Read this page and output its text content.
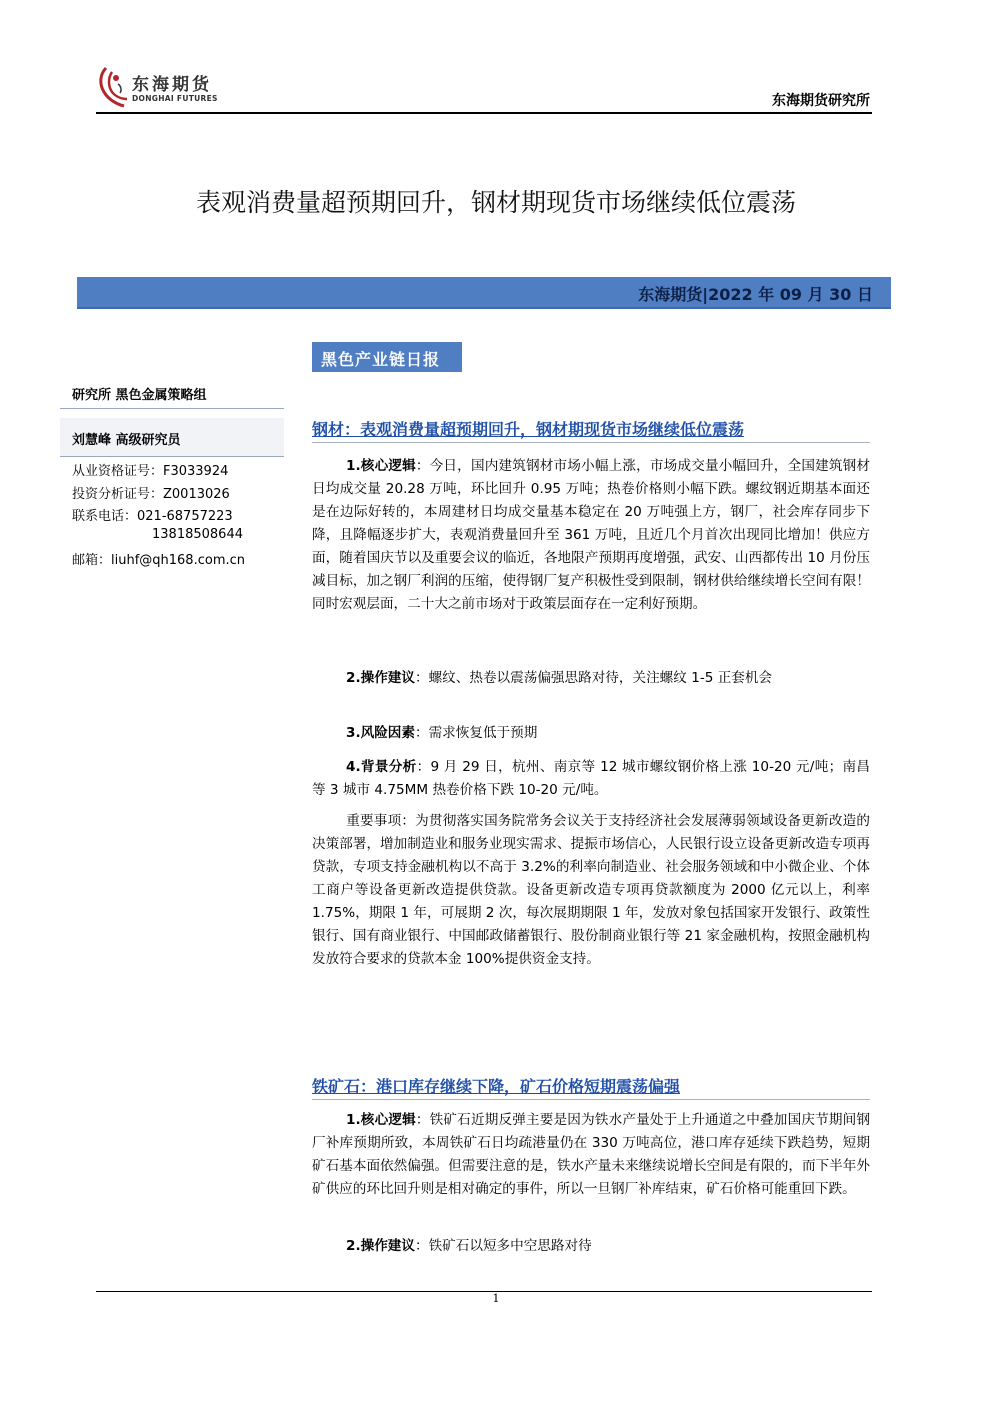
东海期货
DONGHAI FUTURES	东海期货研究所
表观消费量超预期回升，钢材期现货市场继续低位震荡
东海期货|2022 年 09 月 30 日
黑色产业链日报
研究所 黑色金属策略组
刘慧峰 高级研究员
从业资格证号：F3033924
投资分析证号：Z0013026
联系电话：021-68757223
13818508644
邮箱：liuhf@qh168.com.cn
钢材：表观消费量超预期回升，钢材期现货市场继续低位震荡
1.核心逻辑：今日，国内建筑钢材市场小幅上涨，市场成交量小幅回升，全国建筑钢材日均成交量 20.28 万吨，环比回升 0.95 万吨；热卷价格则小幅下跌。螺纹钢近期基本面还是在边际好转的，本周建材日均成交量基本稳定在 20 万吨强上方，钢厂，社会库存同步下降，且降幅逐步扩大，表观消费量回升至 361 万吨，且近几个月首次出现同比增加！供应方面，随着国庆节以及重要会议的临近，各地限产预期再度增强，武安、山西都传出 10 月份压减目标，加之钢厂利润的压缩，使得钢厂复产积极性受到限制，钢材供给继续增长空间有限！同时宏观层面，二十大之前市场对于政策层面存在一定利好预期。
2.操作建议：螺纹、热卷以震荡偏强思路对待，关注螺纹 1-5 正套机会
3.风险因素：需求恢复低于预期
4.背景分析：9 月 29 日，杭州、南京等 12 城市螺纹钢价格上涨 10-20 元/吨；南昌等 3 城市 4.75MM 热卷价格下跌 10-20 元/吨。
重要事项：为贯彻落实国务院常务会议关于支持经济社会发展薄弱领域设备更新改造的决策部署，增加制造业和服务业现实需求、提振市场信心，人民银行设立设备更新改造专项再贷款，专项支持金融机构以不高于 3.2%的利率向制造业、社会服务领域和中小微企业、个体工商户等设备更新改造提供贷款。设备更新改造专项再贷款额度为 2000 亿元以上，利率 1.75%，期限 1 年，可展期 2 次，每次展期期限 1 年，发放对象包括国家开发银行、政策性银行、国有商业银行、中国邮政储蓄银行、股份制商业银行等 21 家金融机构，按照金融机构发放符合要求的贷款本金 100%提供资金支持。
铁矿石：港口库存继续下降，矿石价格短期震荡偏强
1.核心逻辑：铁矿石近期反弹主要是因为铁水产量处于上升通道之中叠加国庆节期间钢厂补库预期所致，本周铁矿石日均疏港量仍在 330 万吨高位，港口库存延续下跌趋势，短期矿石基本面依然偏强。但需要注意的是，铁水产量未来继续说增长空间是有限的，而下半年外矿供应的环比回升则是相对确定的事件，所以一旦钢厂补库结束，矿石价格可能重回下跌。
2.操作建议：铁矿石以短多中空思路对待
1
